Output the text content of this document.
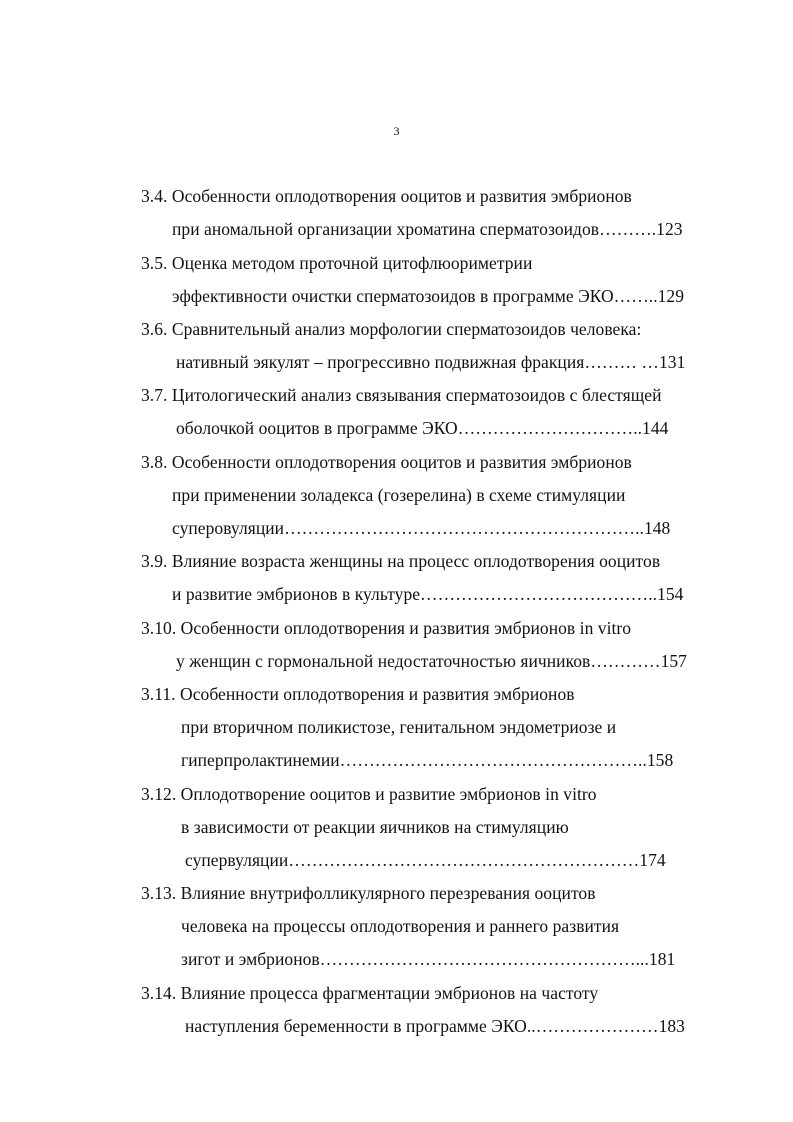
3
3.4. Особенности оплодотворения ооцитов и развития эмбрионов
при аномальной организации хроматина сперматозоидов……….123
3.5. Оценка методом проточной цитофлюориметрии
эффективности очистки сперматозоидов в программе ЭКО……..129
3.6. Сравнительный анализ морфологии сперматозоидов человека:
нативный эякулят – прогрессивно подвижная фракция……… …131
3.7. Цитологический анализ связывания сперматозоидов с блестящей
оболочкой ооцитов в программе ЭКО…………………………..144
3.8. Особенности оплодотворения ооцитов и развития эмбрионов
при применении золадекса (гозерелина) в схеме стимуляции
суперовуляции……………………………………………………..148
3.9. Влияние возраста женщины на процесс оплодотворения ооцитов
и развитие эмбрионов в культуре…………………………………..154
3.10. Особенности оплодотворения и развития эмбрионов in vitro
у женщин с гормональной недостаточностью яичников…………157
3.11. Особенности оплодотворения и развития эмбрионов
при вторичном поликистозе, генитальном эндометриозе и
гиперпролактинемии……………………………………………..158
3.12. Оплодотворение ооцитов и развитие эмбрионов in vitro
в зависимости от реакции яичников на стимуляцию
супервуляции……………………………………………………174
3.13. Влияние внутрифолликулярного перезревания ооцитов
человека на процессы оплодотворения и раннего развития
зигот и эмбрионов………………………………………………...181
3.14. Влияние процесса фрагментации эмбрионов на частоту
наступления беременности в программе ЭКО..…………………183
